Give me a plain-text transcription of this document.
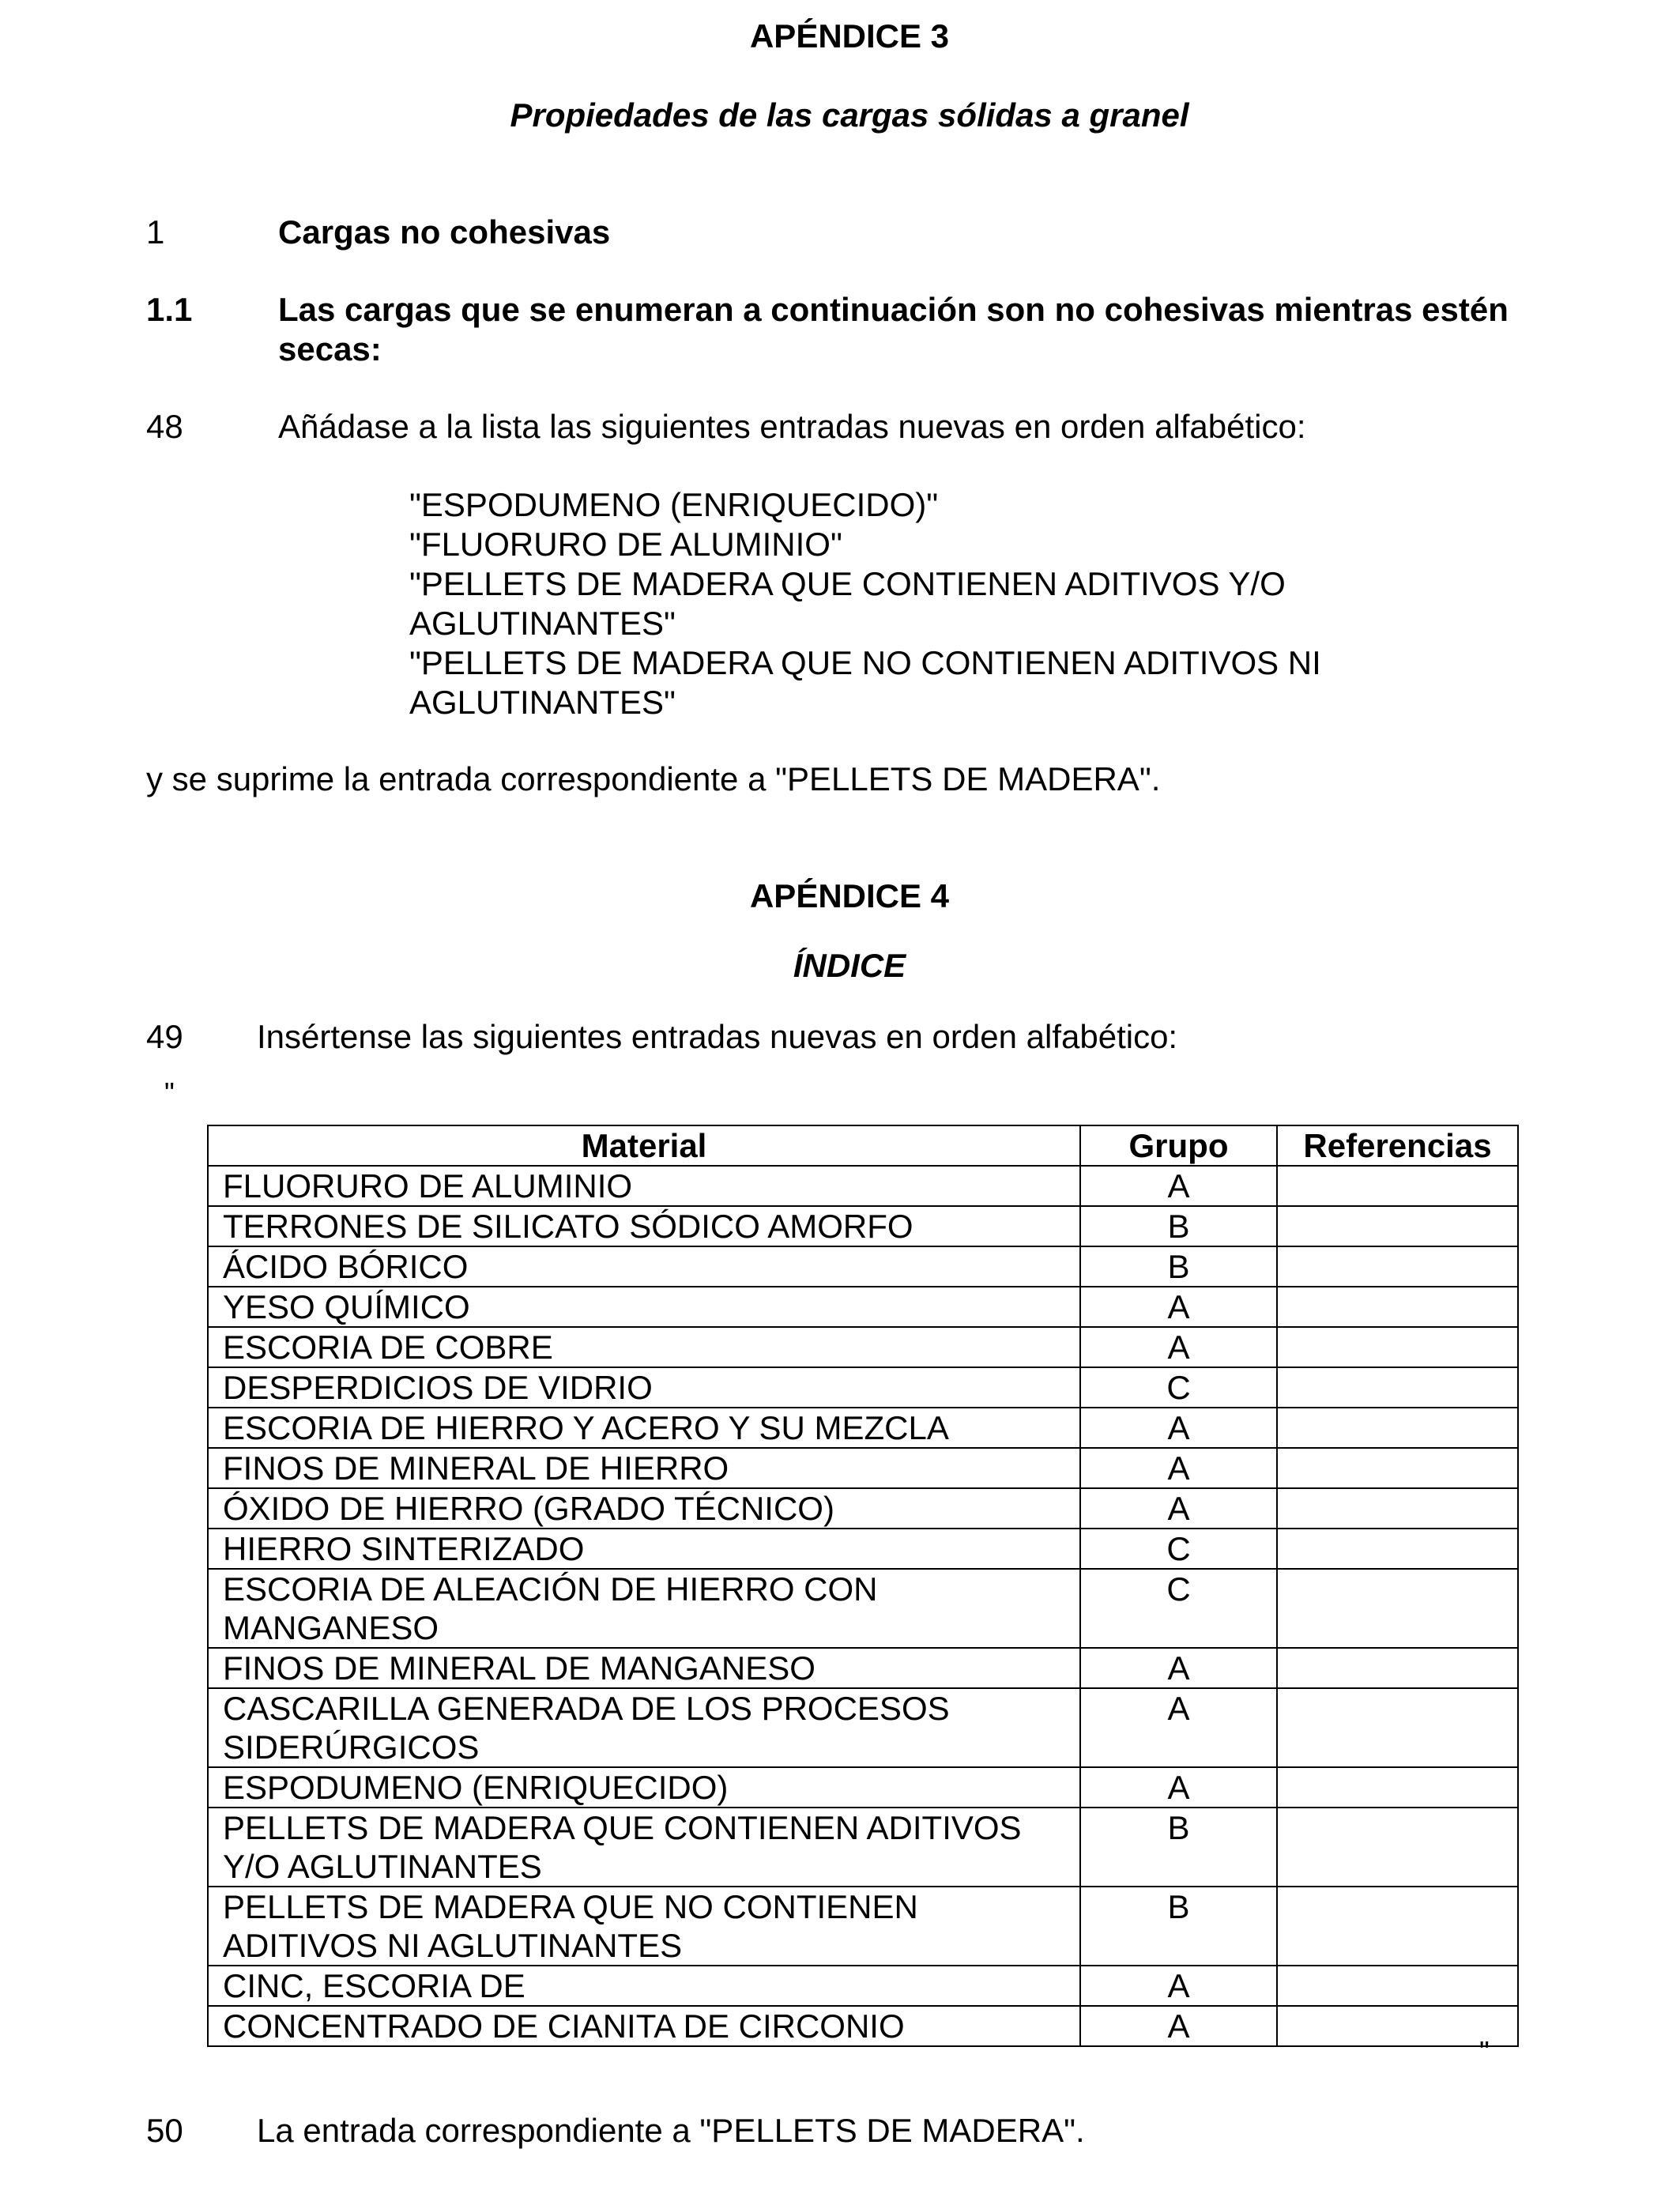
APÉNDICE 3
Propiedades de las cargas sólidas a granel
1	Cargas no cohesivas
1.1	Las cargas que se enumeran a continuación son no cohesivas mientras estén
secas:
48	Añádase a la lista las siguientes entradas nuevas en orden alfabético:
"ESPODUMENO (ENRIQUECIDO)"
"FLUORURO DE ALUMINIO"
"PELLETS DE MADERA QUE CONTIENEN ADITIVOS Y/O
AGLUTINANTES"
"PELLETS DE MADERA QUE NO CONTIENEN ADITIVOS NI
AGLUTINANTES"
y se suprime la entrada correspondiente a "PELLETS DE MADERA".
APÉNDICE 4
ÍNDICE
49 Insértense las siguientes entradas nuevas en orden alfabético:
"
Material	Grupo	Referencias
FLUORURO DE ALUMINIO	A	
TERRONES DE SILICATO SÓDICO AMORFO	B	
ÁCIDO BÓRICO	B	
YESO QUÍMICO	A	
ESCORIA DE COBRE	A	
DESPERDICIOS DE VIDRIO	C	
ESCORIA DE HIERRO Y ACERO Y SU MEZCLA	A	
FINOS DE MINERAL DE HIERRO	A	
ÓXIDO DE HIERRO (GRADO TÉCNICO)	A	
HIERRO SINTERIZADO	C	
ESCORIA DE ALEACIÓN DE HIERRO CON MANGANESO	C	
FINOS DE MINERAL DE MANGANESO	A	
CASCARILLA GENERADA DE LOS PROCESOS SIDERÚRGICOS	A	
ESPODUMENO (ENRIQUECIDO)	A	
PELLETS DE MADERA QUE CONTIENEN ADITIVOS Y/O AGLUTINANTES	B	
PELLETS DE MADERA QUE NO CONTIENEN ADITIVOS NI AGLUTINANTES	B	
CINC, ESCORIA DE	A	
CONCENTRADO DE CIANITA DE CIRCONIO	A	
"
50 La entrada correspondiente a "PELLETS DE MADERA".
